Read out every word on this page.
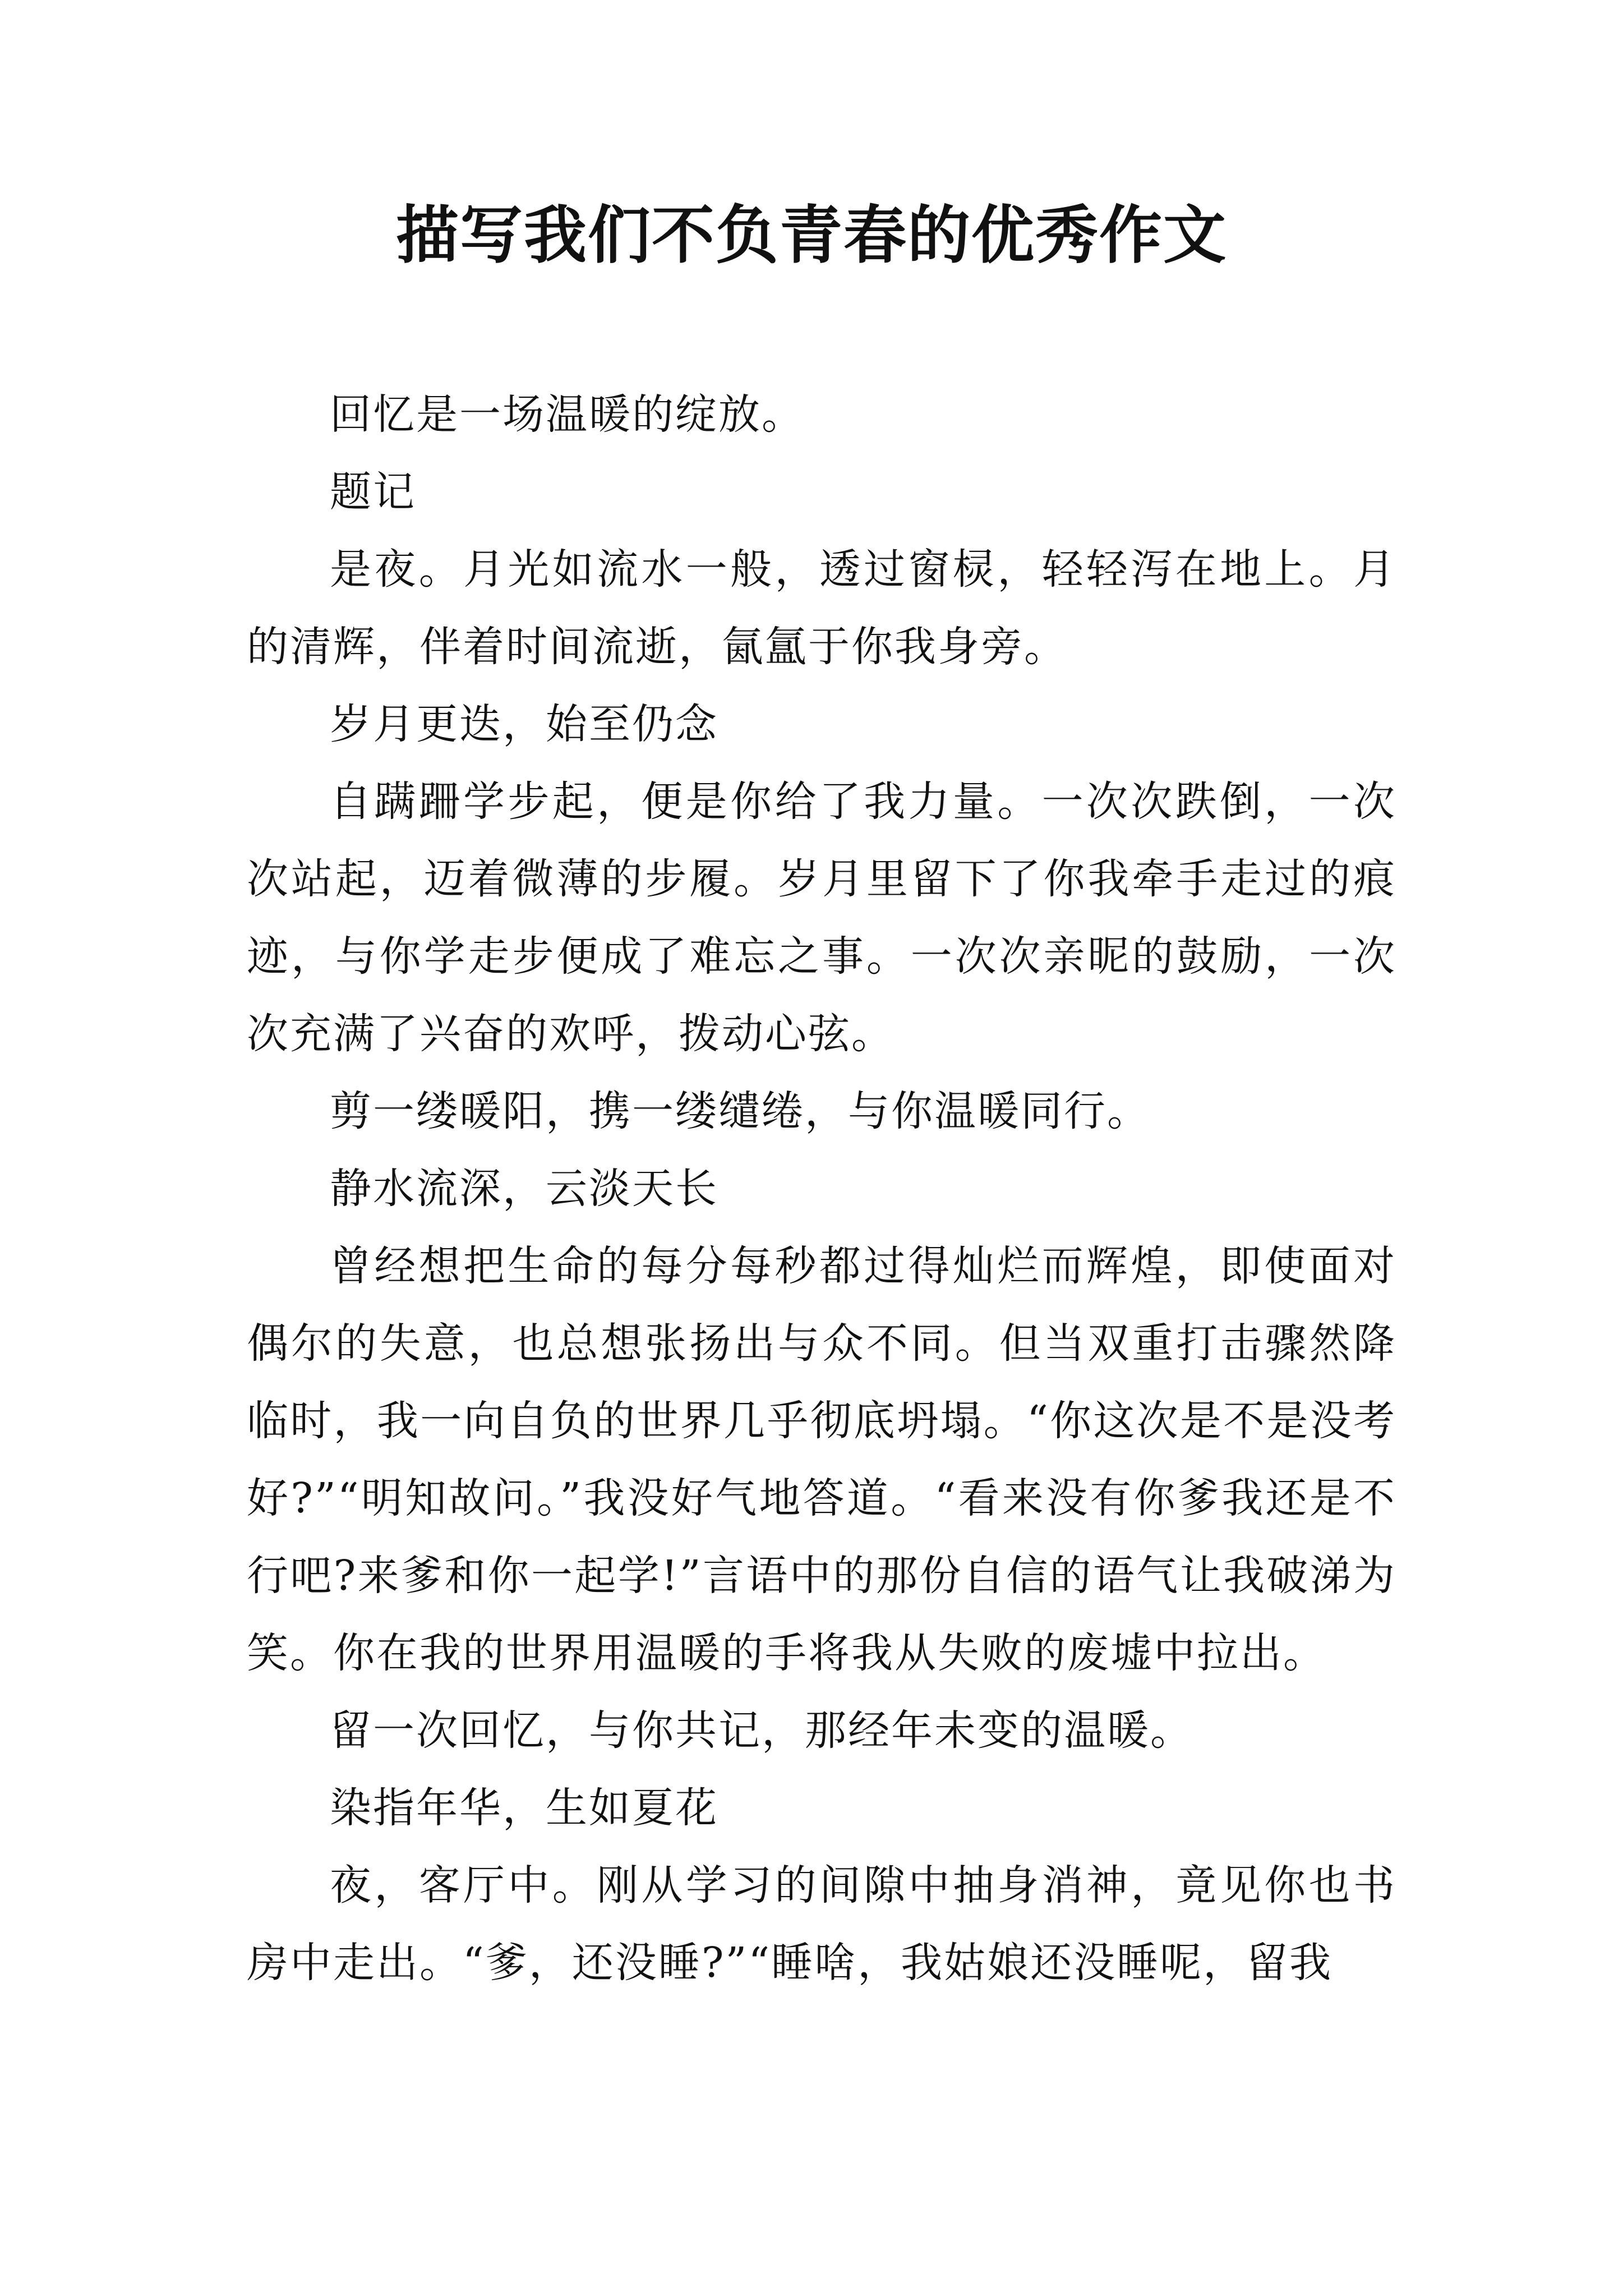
描写我们不负青春的优秀作文

回忆是一场温暖的绽放。

题记

是夜。月光如流水一般，透过窗棂，轻轻泻在地上。月的清辉，伴着时间流逝，氤氲于你我身旁。

岁月更迭，始至仍念

自蹒跚学步起，便是你给了我力量。一次次跌倒，一次次站起，迈着微薄的步履。岁月里留下了你我牵手走过的痕迹，与你学走步便成了难忘之事。一次次亲昵的鼓励，一次次充满了兴奋的欢呼，拨动心弦。

剪一缕暖阳，携一缕缱绻，与你温暖同行。

静水流深，云淡天长

曾经想把生命的每分每秒都过得灿烂而辉煌，即使面对偶尔的失意，也总想张扬出与众不同。但当双重打击骤然降临时，我一向自负的世界几乎彻底坍塌。“你这次是不是没考好?”“明知故问。”我没好气地答道。“看来没有你爹我还是不行吧?来爹和你一起学!”言语中的那份自信的语气让我破涕为笑。你在我的世界用温暖的手将我从失败的废墟中拉出。

留一次回忆，与你共记，那经年未变的温暖。

染指年华，生如夏花

夜，客厅中。刚从学习的间隙中抽身消神，竟见你也书房中走出。“爹，还没睡?”“睡啥，我姑娘还没睡呢，留我
